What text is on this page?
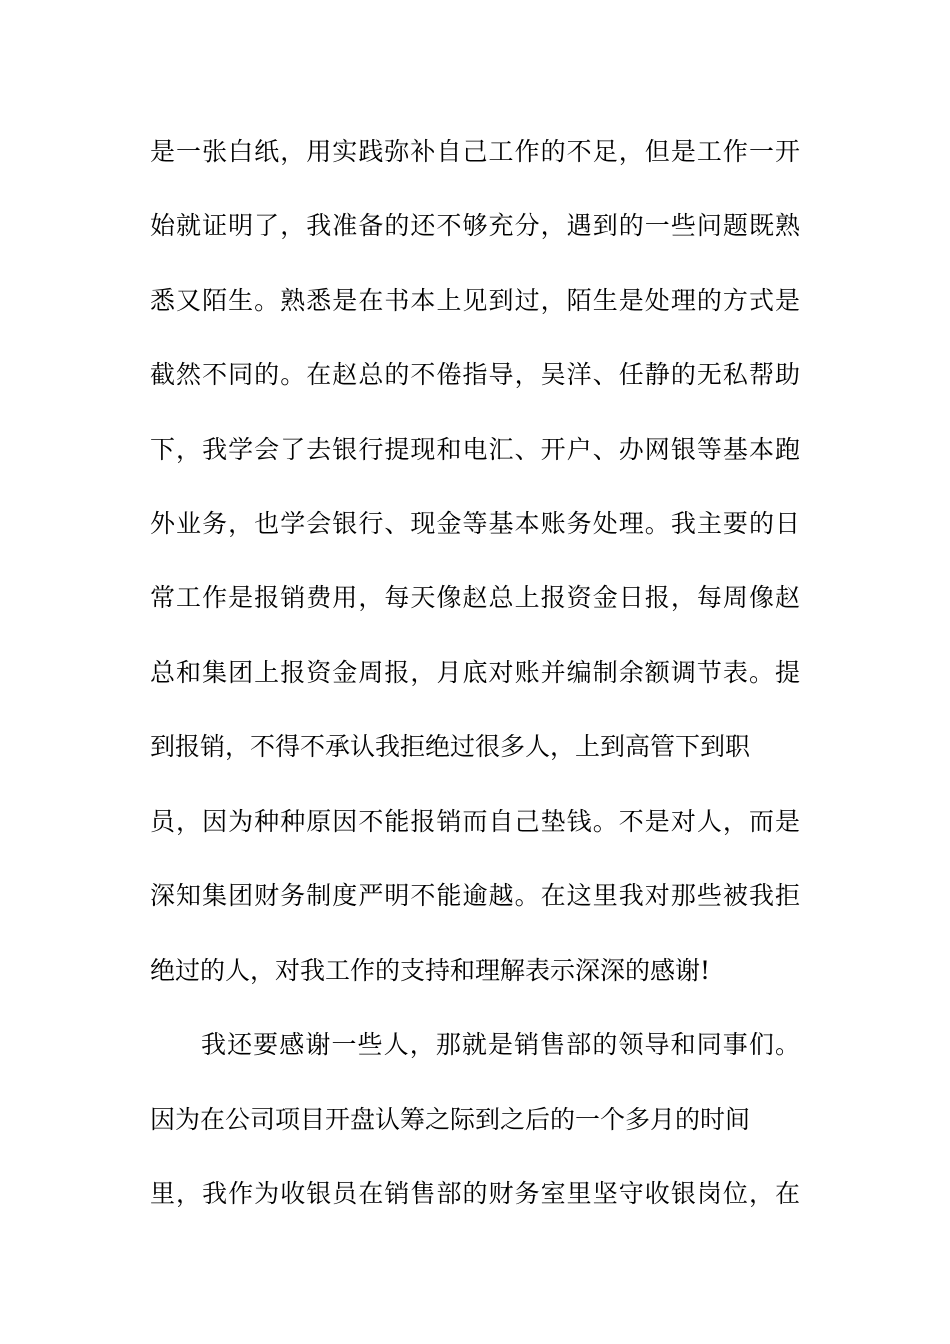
是一张白纸，用实践弥补自己工作的不足，但是工作一开

始就证明了，我准备的还不够充分，遇到的一些问题既熟

悉又陌生。熟悉是在书本上见到过，陌生是处理的方式是

截然不同的。在赵总的不倦指导，吴洋、任静的无私帮助

下，我学会了去银行提现和电汇、开户、办网银等基本跑

外业务，也学会银行、现金等基本账务处理。我主要的日

常工作是报销费用，每天像赵总上报资金日报，每周像赵

总和集团上报资金周报，月底对账并编制余额调节表。提

到报销，不得不承认我拒绝过很多人，上到高管下到职

员，因为种种原因不能报销而自己垫钱。不是对人，而是

深知集团财务制度严明不能逾越。在这里我对那些被我拒

绝过的人，对我工作的支持和理解表示深深的感谢!

我还要感谢一些人，那就是销售部的领导和同事们。

因为在公司项目开盘认筹之际到之后的一个多月的时间

里，我作为收银员在销售部的财务室里坚守收银岗位，在
